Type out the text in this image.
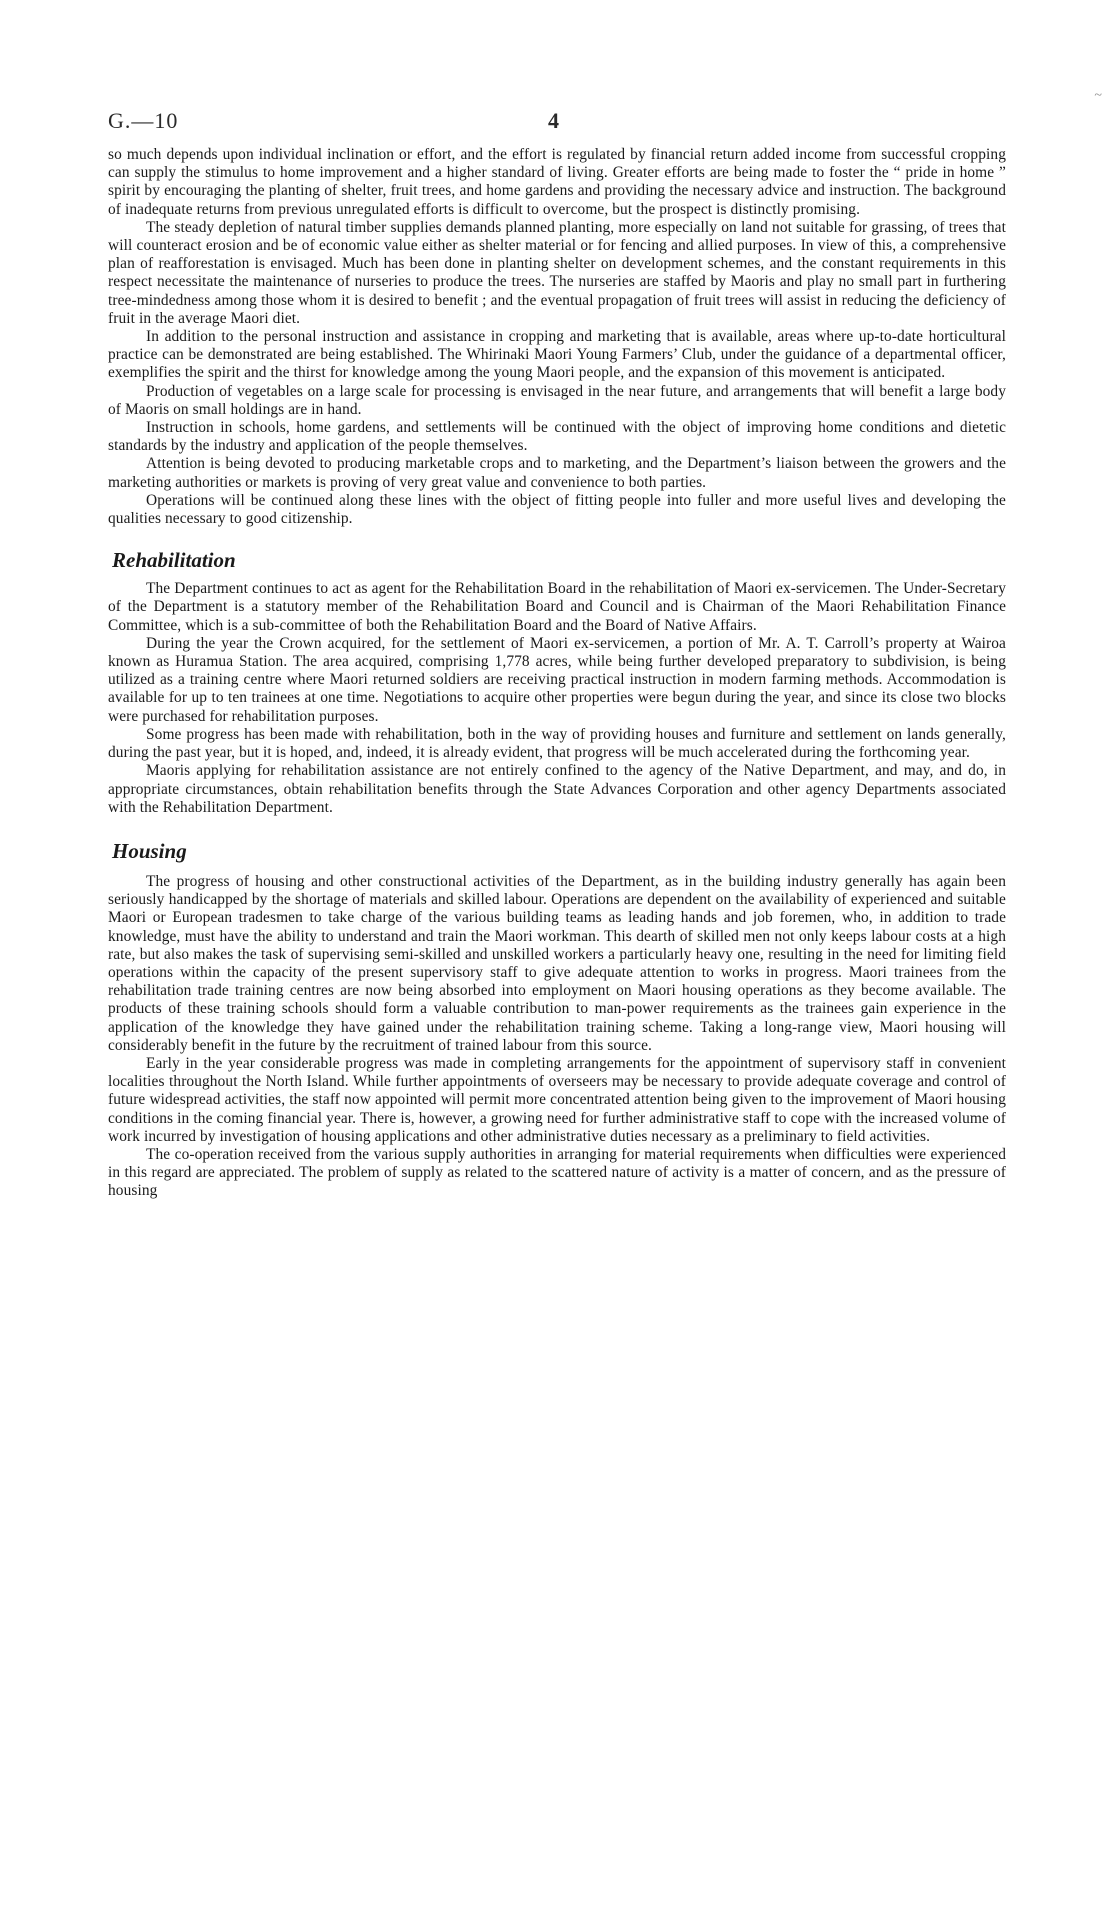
G.—10	4
~

so much depends upon individual inclination or effort, and the effort is regulated by financial return added income from successful cropping can supply the stimulus to home improvement and a higher standard of living. Greater efforts are being made to foster the “ pride in home ” spirit by encouraging the planting of shelter, fruit trees, and home gardens and providing the necessary advice and instruction. The background of inadequate returns from previous unregulated efforts is difficult to overcome, but the prospect is distinctly promising.

The steady depletion of natural timber supplies demands planned planting, more especially on land not suitable for grassing, of trees that will counteract erosion and be of economic value either as shelter material or for fencing and allied purposes. In view of this, a comprehensive plan of reafforestation is envisaged. Much has been done in planting shelter on development schemes, and the constant requirements in this respect necessitate the maintenance of nurseries to produce the trees. The nurseries are staffed by Maoris and play no small part in furthering tree-mindedness among those whom it is desired to benefit ; and the eventual propagation of fruit trees will assist in reducing the deficiency of fruit in the average Maori diet.

In addition to the personal instruction and assistance in cropping and marketing that is available, areas where up-to-date horticultural practice can be demonstrated are being established. The Whirinaki Maori Young Farmers’ Club, under the guidance of a departmental officer, exemplifies the spirit and the thirst for knowledge among the young Maori people, and the expansion of this movement is anticipated.

Production of vegetables on a large scale for processing is envisaged in the near future, and arrangements that will benefit a large body of Maoris on small holdings are in hand.

Instruction in schools, home gardens, and settlements will be continued with the object of improving home conditions and dietetic standards by the industry and application of the people themselves.

Attention is being devoted to producing marketable crops and to marketing, and the Department’s liaison between the growers and the marketing authorities or markets is proving of very great value and convenience to both parties.

Operations will be continued along these lines with the object of fitting people into fuller and more useful lives and developing the qualities necessary to good citizenship.

Rehabilitation

The Department continues to act as agent for the Rehabilitation Board in the rehabilitation of Maori ex-servicemen. The Under-Secretary of the Department is a statutory member of the Rehabilitation Board and Council and is Chairman of the Maori Rehabilitation Finance Committee, which is a sub-committee of both the Rehabilitation Board and the Board of Native Affairs.

During the year the Crown acquired, for the settlement of Maori ex-servicemen, a portion of Mr. A. T. Carroll’s property at Wairoa known as Huramua Station. The area acquired, comprising 1,778 acres, while being further developed preparatory to subdivision, is being utilized as a training centre where Maori returned soldiers are receiving practical instruction in modern farming methods. Accommodation is available for up to ten trainees at one time. Negotiations to acquire other properties were begun during the year, and since its close two blocks were purchased for rehabilitation purposes.

Some progress has been made with rehabilitation, both in the way of providing houses and furniture and settlement on lands generally, during the past year, but it is hoped, and, indeed, it is already evident, that progress will be much accelerated during the forthcoming year.

Maoris applying for rehabilitation assistance are not entirely confined to the agency of the Native Department, and may, and do, in appropriate circumstances, obtain rehabilitation benefits through the State Advances Corporation and other agency Departments associated with the Rehabilitation Department.

Housing

The progress of housing and other constructional activities of the Department, as in the building industry generally has again been seriously handicapped by the shortage of materials and skilled labour. Operations are dependent on the availability of experienced and suitable Maori or European tradesmen to take charge of the various building teams as leading hands and job foremen, who, in addition to trade knowledge, must have the ability to understand and train the Maori workman. This dearth of skilled men not only keeps labour costs at a high rate, but also makes the task of supervising semi-skilled and unskilled workers a particularly heavy one, resulting in the need for limiting field operations within the capacity of the present supervisory staff to give adequate attention to works in progress. Maori trainees from the rehabilitation trade training centres are now being absorbed into employment on Maori housing operations as they become available. The products of these training schools should form a valuable contribution to man-power requirements as the trainees gain experience in the application of the knowledge they have gained under the rehabilitation training scheme. Taking a long-range view, Maori housing will considerably benefit in the future by the recruitment of trained labour from this source.

Early in the year considerable progress was made in completing arrangements for the appointment of supervisory staff in convenient localities throughout the North Island. While further appointments of overseers may be necessary to provide adequate coverage and control of future widespread activities, the staff now appointed will permit more concentrated attention being given to the improvement of Maori housing conditions in the coming financial year. There is, however, a growing need for further administrative staff to cope with the increased volume of work incurred by investigation of housing applications and other administrative duties necessary as a preliminary to field activities.

The co-operation received from the various supply authorities in arranging for material requirements when difficulties were experienced in this regard are appreciated. The problem of supply as related to the scattered nature of activity is a matter of concern, and as the pressure of housing
